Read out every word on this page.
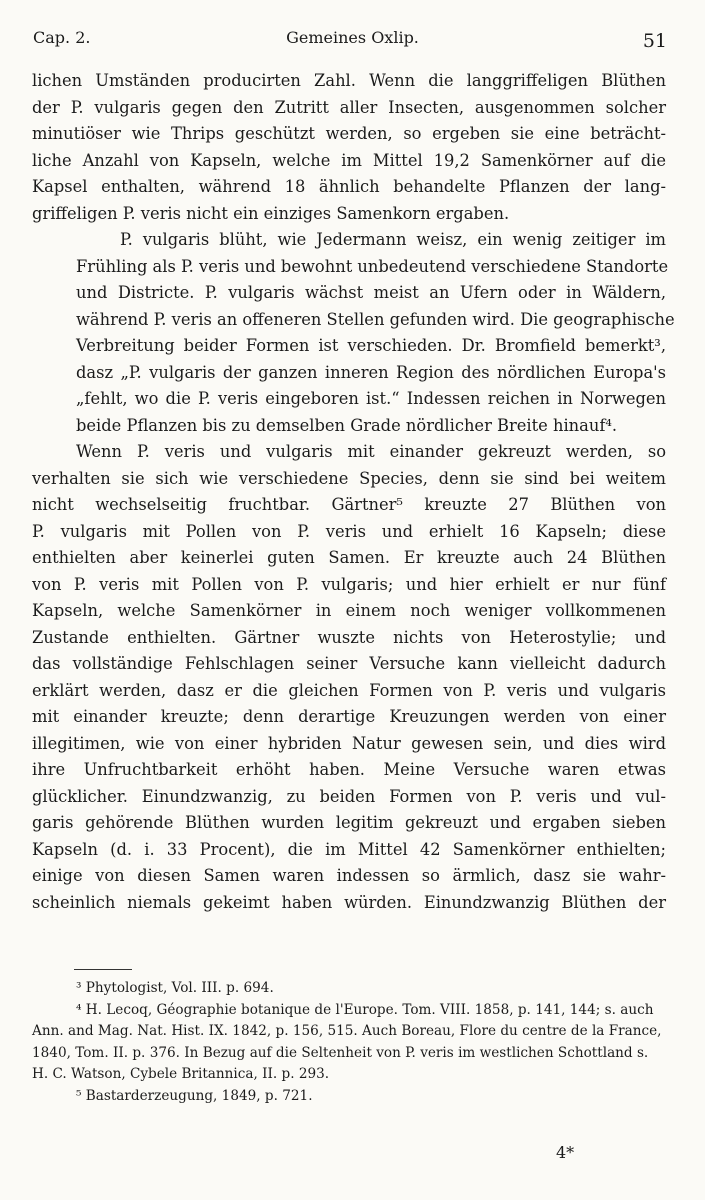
Cap. 2.	Gemeines Oxlip.	51

lichen Umständen producirten Zahl. Wenn die langgriffeligen Blüthen
der P. vulgaris gegen den Zutritt aller Insecten, ausgenommen solcher
minutiöser wie Thrips geschützt werden, so ergeben sie eine beträcht-
liche Anzahl von Kapseln, welche im Mittel 19,2 Samenkörner auf die
Kapsel enthalten, während 18 ähnlich behandelte Pflanzen der lang-
griffeligen P. veris nicht ein einziges Samenkorn ergaben.

P. vulgaris blüht, wie Jedermann weisz, ein wenig zeitiger im
Frühling als P. veris und bewohnt unbedeutend verschiedene Standorte
und Districte. P. vulgaris wächst meist an Ufern oder in Wäldern,
während P. veris an offeneren Stellen gefunden wird. Die geographische
Verbreitung beider Formen ist verschieden. Dr. Bromfield bemerkt³,
dasz „P. vulgaris der ganzen inneren Region des nördlichen Europa's
„fehlt, wo die P. veris eingeboren ist.“ Indessen reichen in Norwegen
beide Pflanzen bis zu demselben Grade nördlicher Breite hinauf⁴.

Wenn P. veris und vulgaris mit einander gekreuzt werden, so
verhalten sie sich wie verschiedene Species, denn sie sind bei weitem
nicht wechselseitig fruchtbar. Gärtner⁵ kreuzte 27 Blüthen von
P. vulgaris mit Pollen von P. veris und erhielt 16 Kapseln; diese
enthielten aber keinerlei guten Samen. Er kreuzte auch 24 Blüthen
von P. veris mit Pollen von P. vulgaris; und hier erhielt er nur fünf
Kapseln, welche Samenkörner in einem noch weniger vollkommenen
Zustande enthielten. Gärtner wuszte nichts von Heterostylie; und
das vollständige Fehlschlagen seiner Versuche kann vielleicht dadurch
erklärt werden, dasz er die gleichen Formen von P. veris und vulgaris
mit einander kreuzte; denn derartige Kreuzungen werden von einer
illegitimen, wie von einer hybriden Natur gewesen sein, und dies wird
ihre Unfruchtbarkeit erhöht haben. Meine Versuche waren etwas
glücklicher. Einundzwanzig, zu beiden Formen von P. veris und vul-
garis gehörende Blüthen wurden legitim gekreuzt und ergaben sieben
Kapseln (d. i. 33 Procent), die im Mittel 42 Samenkörner enthielten;
einige von diesen Samen waren indessen so ärmlich, dasz sie wahr-
scheinlich niemals gekeimt haben würden. Einundzwanzig Blüthen der

³ Phytologist, Vol. III. p. 694.

⁴ H. Lecoq, Géographie botanique de l'Europe. Tom. VIII. 1858, p. 141, 144; s. auch Ann. and Mag. Nat. Hist. IX. 1842, p. 156, 515. Auch Boreau, Flore du centre de la France, 1840, Tom. II. p. 376. In Bezug auf die Seltenheit von P. veris im westlichen Schottland s. H. C. Watson, Cybele Britannica, II. p. 293.

⁵ Bastarderzeugung, 1849, p. 721.

4*
